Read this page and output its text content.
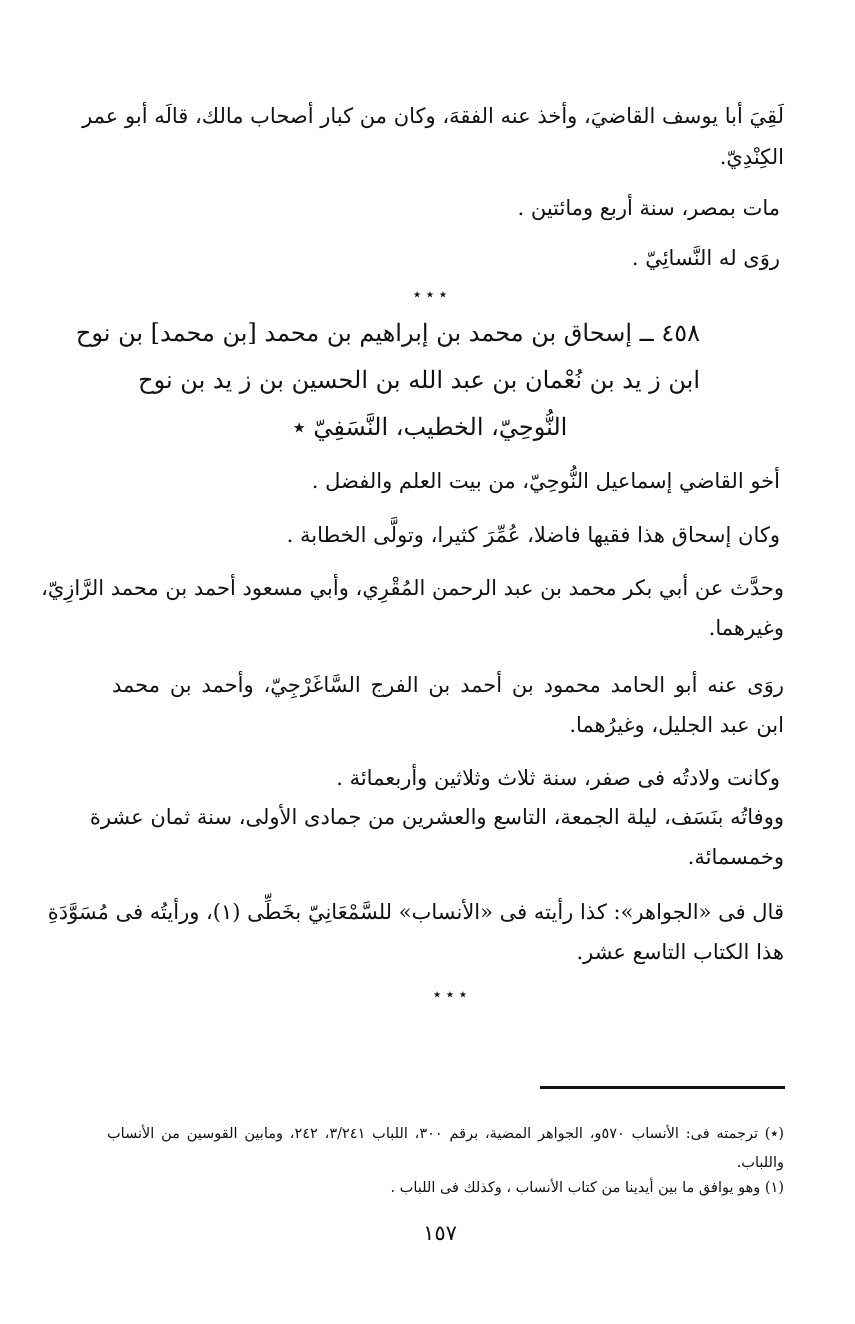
لَقِيَ أبا يوسف القاضيَ، وأخذ عنه الفقهَ، وكان من كبار أصحاب مالك، قالَه أبو عمر
الكِنْدِيّ.
مات بمصر، سنة أربع ومائتين .
روَى له النَّسائِيّ .
٭ ٭ ٭
٤٥٨ ــ إسحاق بن محمد بن إبراهيم بن محمد [بن محمد] بن نوح
ابن ز يد بن نُعْمان بن عبد الله بن الحسين بن ز يد بن نوح
النُّوحِيّ، الخطيب، النَّسَفِيّ ٭
أخو القاضي إسماعيل النُّوحِيّ، من بيت العلم والفضل .
وكان إسحاق هذا فقيها فاضلا، عُمِّرَ كثيرا، وتولَّى الخطابة .
وحدَّث عن أبي بكر محمد بن عبد الرحمن المُقْرِي، وأبي مسعود أحمد بن محمد الرَّازِيّ،
وغيرهما.
روَى عنه أبو الحامد محمود بن أحمد بن الفرج السَّاغَرْجِيّ، وأحمد بن محمد
ابن عبد الجليل، وغيرُهما.
وكانت ولادتُه فى صفر، سنة ثلاث وثلاثين وأربعمائة .
ووفاتُه بنَسَف، ليلة الجمعة، التاسع والعشرين من جمادى الأولى، سنة ثمان عشرة
وخمسمائة.
قال فى «الجواهر»: كذا رأيته فى «الأنساب» للسَّمْعَانِيّ بخَطِّى (١)، ورأيتُه فى مُسَوَّدَةِ
هذا الكتاب التاسع عشر.
٭ ٭ ٭
(٭) ترجمته فى: الأنساب ٥٧٠و، الجواهر المضية، برقم ٣٠٠، اللباب ٣/٢٤١، ٢٤٢، ومابين القوسين من الأنساب
واللباب.
(١) وهو يوافق ما بين أيدينا من كتاب الأنساب ، وكذلك فى اللباب .
١٥٧
